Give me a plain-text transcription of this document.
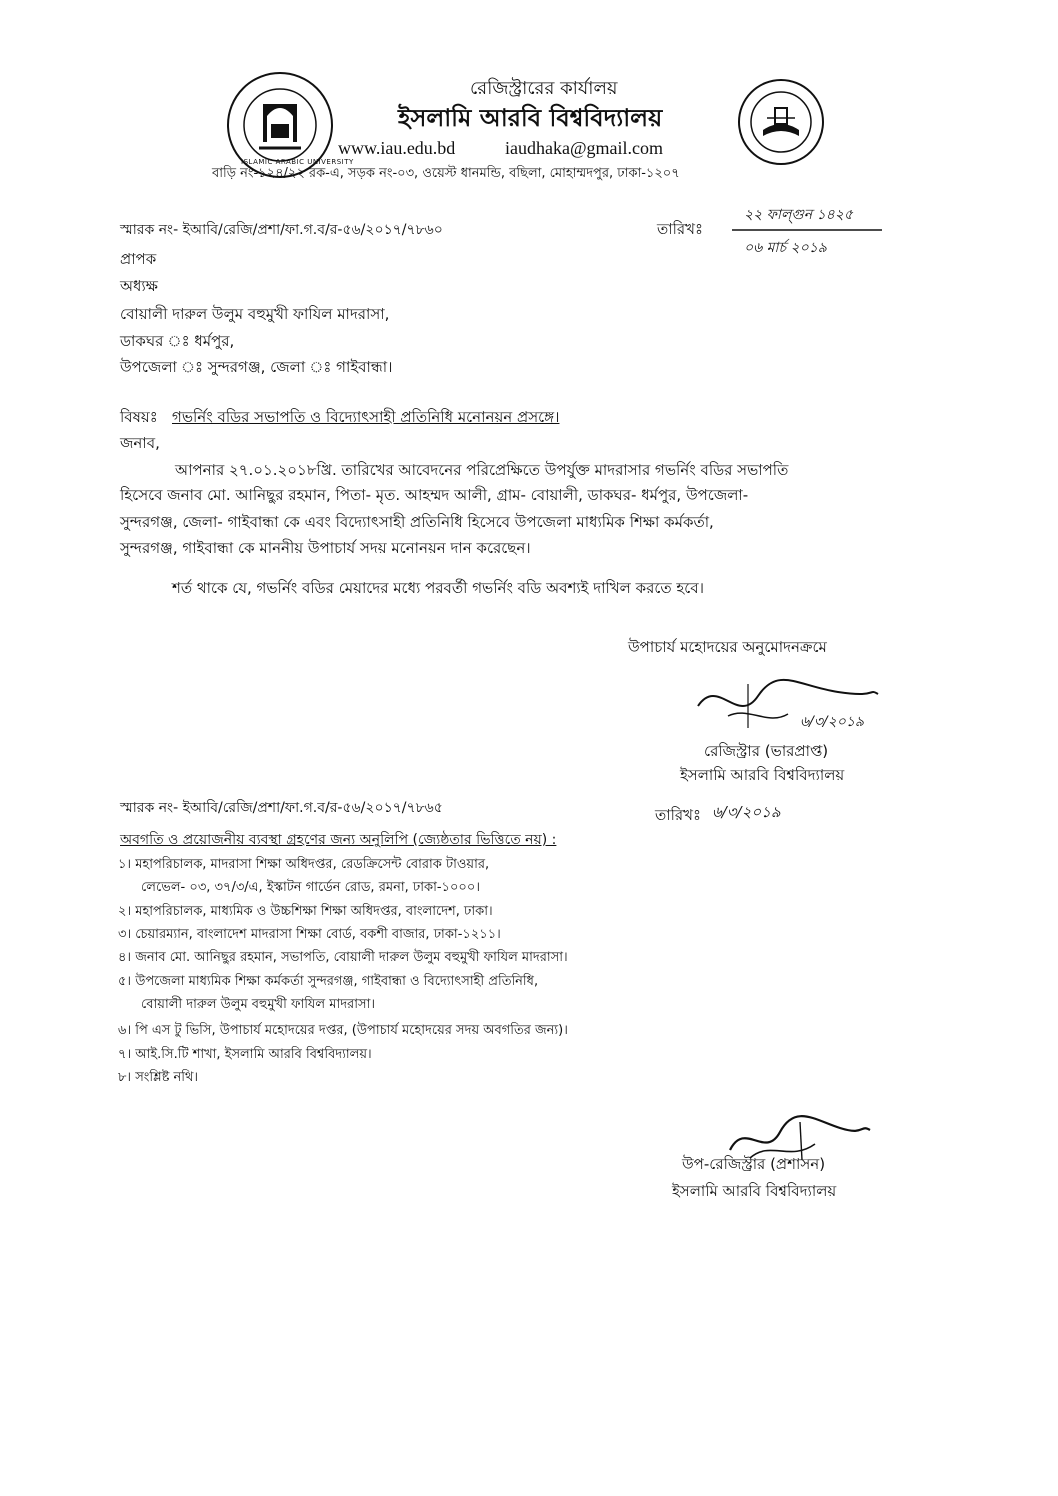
ISLAMIC ARABIC UNIVERSITY
রেজিস্ট্রারের কার্যালয়
ইসলামি আরবি বিশ্ববিদ্যালয়
www.iau.edu.bd	iaudhaka@gmail.com
বাড়ি নং-১২৪/২২ রক-এ, সড়ক নং-০৩, ওয়েস্ট ধানমন্ডি, বছিলা, মোহাম্মদপুর, ঢাকা-১২০৭
স্মারক নং- ইআবি/রেজি/প্রশা/ফা.গ.ব/র-৫৬/২০১৭/৭৮৬০	তারিখঃ
২২ ফাল্গুন ১৪২৫
০৬ মার্চ ২০১৯
প্রাপক
অধ্যক্ষ
বোয়ালী দারুল উলুম বহুমুখী ফাযিল মাদরাসা,
ডাকঘর ঃ ধর্মপুর,
উপজেলা ঃ সুন্দরগঞ্জ, জেলা ঃ গাইবান্ধা।
বিষয়ঃ গভর্নিং বডির সভাপতি ও বিদ্যোৎসাহী প্রতিনিধি মনোনয়ন প্রসঙ্গে।
জনাব,
আপনার ২৭.০১.২০১৮খ্রি. তারিখের আবেদনের পরিপ্রেক্ষিতে উপর্যুক্ত মাদরাসার গভর্নিং বডির সভাপতি
হিসেবে জনাব মো. আনিছুর রহমান, পিতা- মৃত. আহম্মদ আলী, গ্রাম- বোয়ালী, ডাকঘর- ধর্মপুর, উপজেলা-
সুন্দরগঞ্জ, জেলা- গাইবান্ধা কে এবং বিদ্যোৎসাহী প্রতিনিধি হিসেবে উপজেলা মাধ্যমিক শিক্ষা কর্মকর্তা,
সুন্দরগঞ্জ, গাইবান্ধা কে মাননীয় উপাচার্য সদয় মনোনয়ন দান করেছেন।
শর্ত থাকে যে, গভর্নিং বডির মেয়াদের মধ্যে পরবর্তী গভর্নিং বডি অবশ্যই দাখিল করতে হবে।
উপাচার্য মহোদয়ের অনুমোদনক্রমে
৬/৩/২০১৯
রেজিস্ট্রার (ভারপ্রাপ্ত)
ইসলামি আরবি বিশ্ববিদ্যালয়
স্মারক নং- ইআবি/রেজি/প্রশা/ফা.গ.ব/র-৫৬/২০১৭/৭৮৬৫	তারিখঃ ৬/৩/২০১৯
অবগতি ও প্রয়োজনীয় ব্যবস্থা গ্রহণের জন্য অনুলিপি (জ্যেষ্ঠতার ভিত্তিতে নয়) :
১। মহাপরিচালক, মাদরাসা শিক্ষা অধিদপ্তর, রেডক্রিসেন্ট বোরাক টাওয়ার,
লেভেল- ০৩, ৩৭/৩/এ, ইস্কাটন গার্ডেন রোড, রমনা, ঢাকা-১০০০।
২। মহাপরিচালক, মাধ্যমিক ও উচ্চশিক্ষা শিক্ষা অধিদপ্তর, বাংলাদেশ, ঢাকা।
৩। চেয়ারম্যান, বাংলাদেশ মাদরাসা শিক্ষা বোর্ড, বকশী বাজার, ঢাকা-১২১১।
৪। জনাব মো. আনিছুর রহমান, সভাপতি, বোয়ালী দারুল উলুম বহুমুখী ফাযিল মাদরাসা।
৫। উপজেলা মাধ্যমিক শিক্ষা কর্মকর্তা সুন্দরগঞ্জ, গাইবান্ধা ও বিদ্যোৎসাহী প্রতিনিধি,
বোয়ালী দারুল উলুম বহুমুখী ফাযিল মাদরাসা।
৬। পি এস টু ভিসি, উপাচার্য মহোদয়ের দপ্তর, (উপাচার্য মহোদয়ের সদয় অবগতির জন্য)।
৭। আই.সি.টি শাখা, ইসলামি আরবি বিশ্ববিদ্যালয়।
৮। সংশ্লিষ্ট নথি।
উপ-রেজিস্ট্রার (প্রশাসন)
ইসলামি আরবি বিশ্ববিদ্যালয়
